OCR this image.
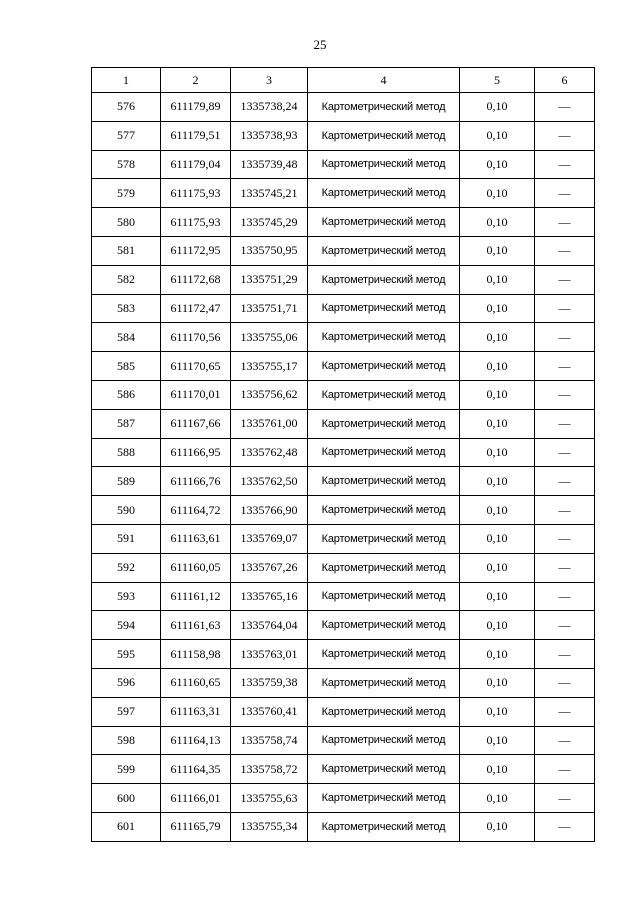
25
1	2	3	4	5	6
576	611179,89	1335738,24	Картометрический метод	0,10	—
577	611179,51	1335738,93	Картометрический метод	0,10	—
578	611179,04	1335739,48	Картометрический метод	0,10	—
579	611175,93	1335745,21	Картометрический метод	0,10	—
580	611175,93	1335745,29	Картометрический метод	0,10	—
581	611172,95	1335750,95	Картометрический метод	0,10	—
582	611172,68	1335751,29	Картометрический метод	0,10	—
583	611172,47	1335751,71	Картометрический метод	0,10	—
584	611170,56	1335755,06	Картометрический метод	0,10	—
585	611170,65	1335755,17	Картометрический метод	0,10	—
586	611170,01	1335756,62	Картометрический метод	0,10	—
587	611167,66	1335761,00	Картометрический метод	0,10	—
588	611166,95	1335762,48	Картометрический метод	0,10	—
589	611166,76	1335762,50	Картометрический метод	0,10	—
590	611164,72	1335766,90	Картометрический метод	0,10	—
591	611163,61	1335769,07	Картометрический метод	0,10	—
592	611160,05	1335767,26	Картометрический метод	0,10	—
593	611161,12	1335765,16	Картометрический метод	0,10	—
594	611161,63	1335764,04	Картометрический метод	0,10	—
595	611158,98	1335763,01	Картометрический метод	0,10	—
596	611160,65	1335759,38	Картометрический метод	0,10	—
597	611163,31	1335760,41	Картометрический метод	0,10	—
598	611164,13	1335758,74	Картометрический метод	0,10	—
599	611164,35	1335758,72	Картометрический метод	0,10	—
600	611166,01	1335755,63	Картометрический метод	0,10	—
601	611165,79	1335755,34	Картометрический метод	0,10	—
